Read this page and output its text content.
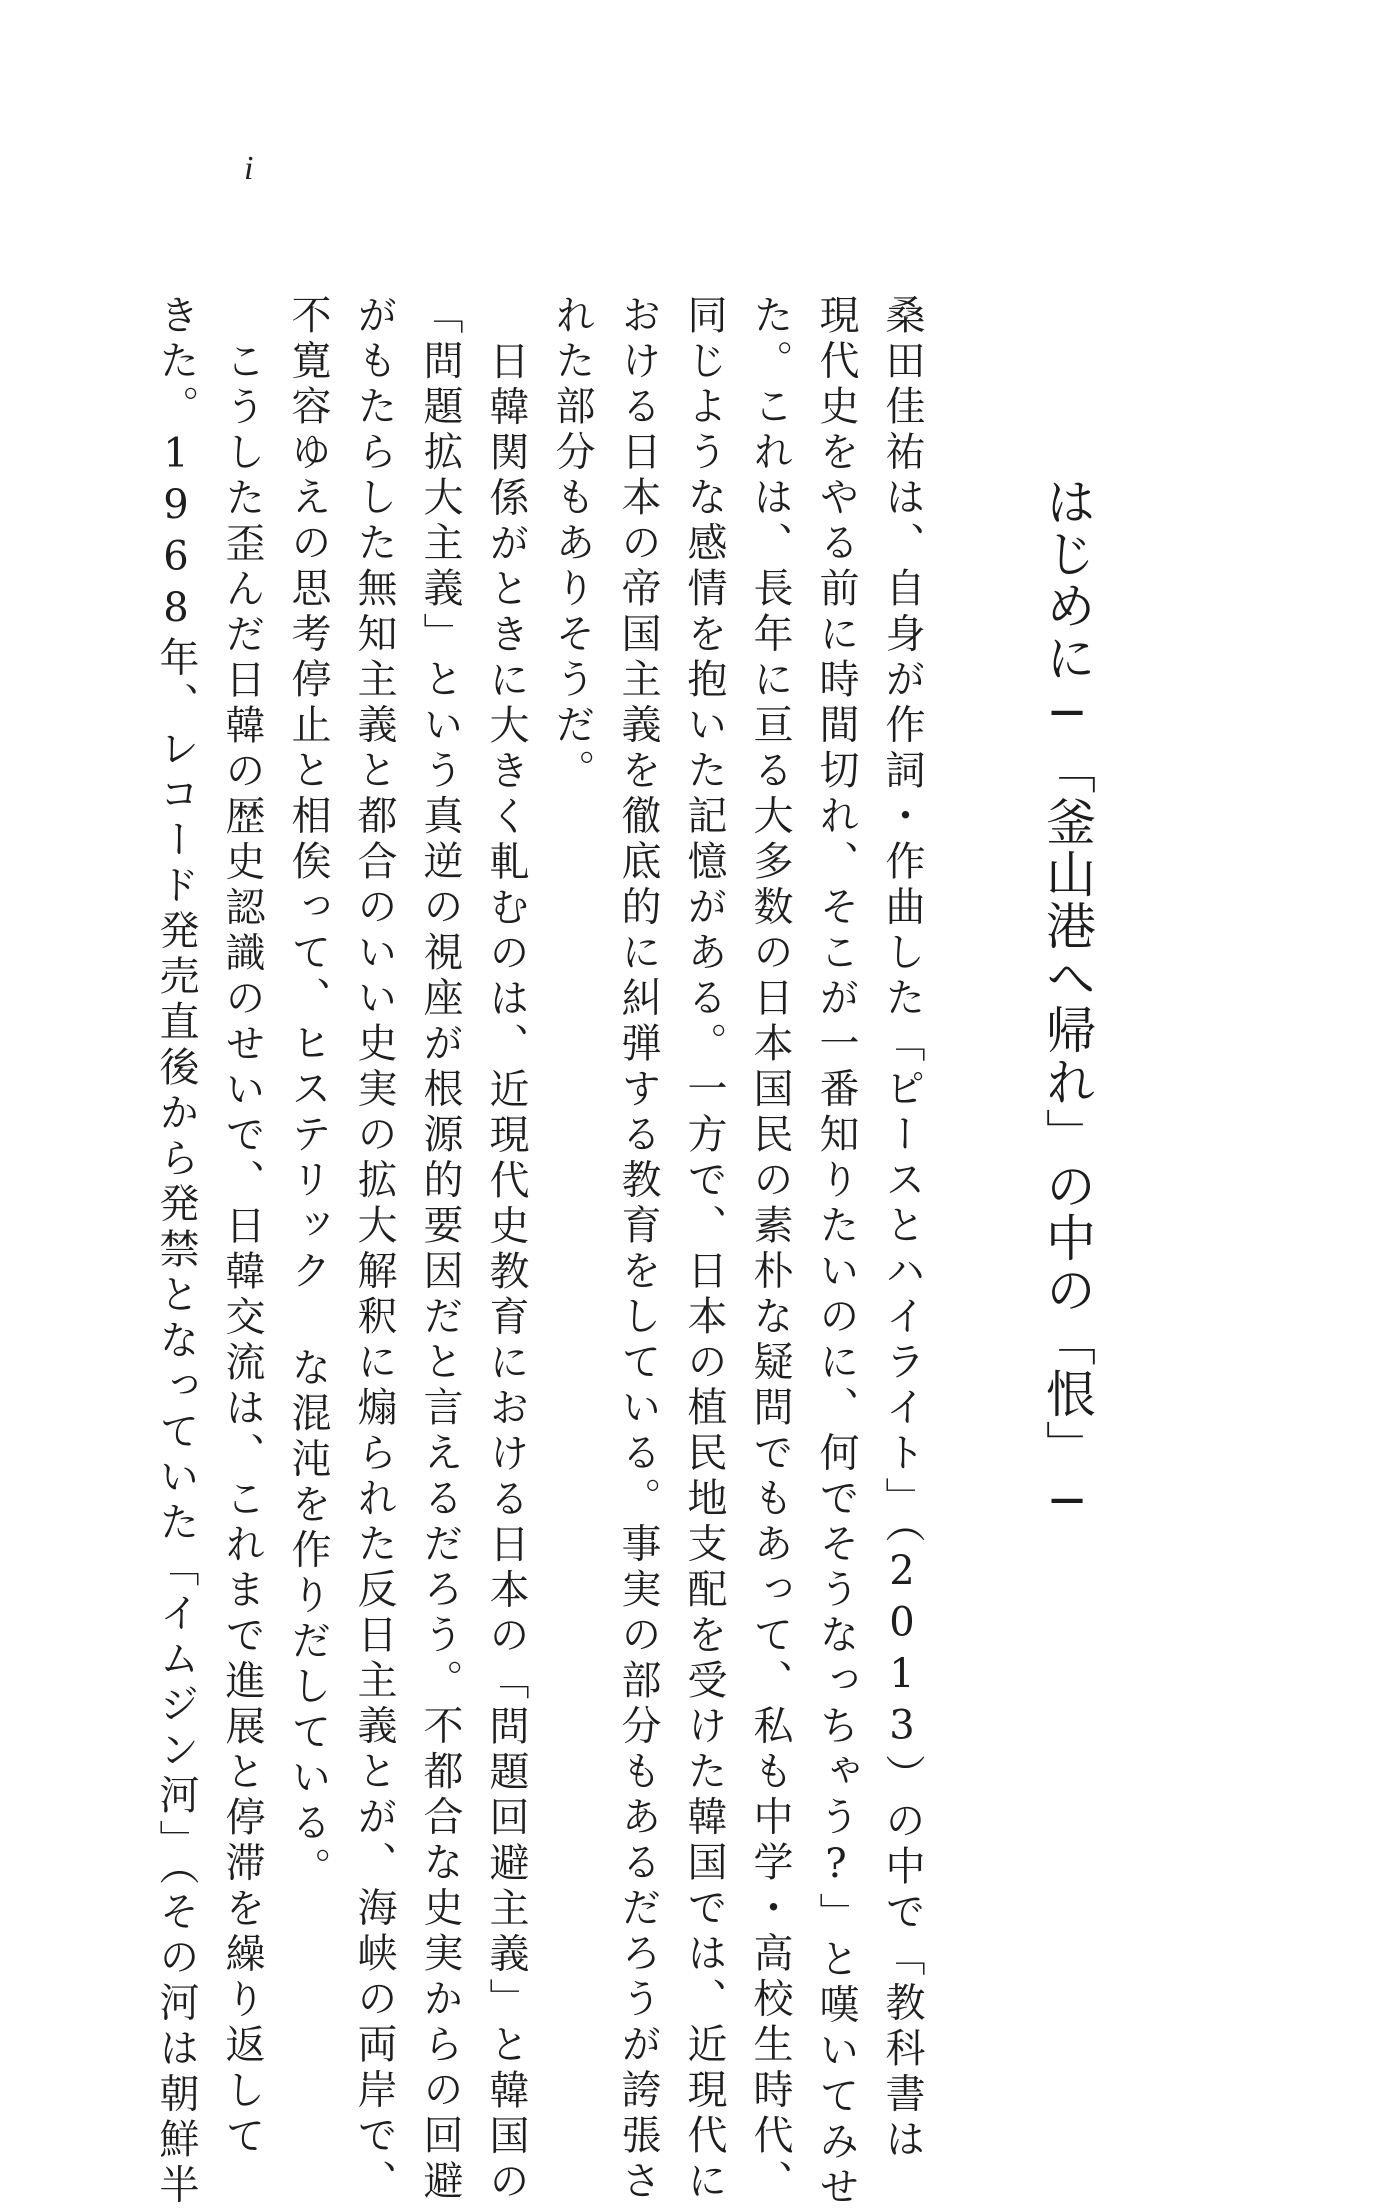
i
はじめに─「釜山港へ帰れ」の中の「恨」─
桑田佳祐は、自身が作詞・作曲した「ピースとハイライト」（2013）の中で「教科書は
現代史をやる前に時間切れ、そこが一番知りたいのに、何でそうなっちゃう?」と嘆いてみせ
た。これは、長年に亘る大多数の日本国民の素朴な疑問でもあって、私も中学・高校生時代、
同じような感情を抱いた記憶がある。一方で、日本の植民地支配を受けた韓国では、近現代に
おける日本の帝国主義を徹底的に糾弾する教育をしている。事実の部分もあるだろうが誇張さ
れた部分もありそうだ。
日韓関係がときに大きく軋むのは、近現代史教育における日本の「問題回避主義」と韓国の
「問題拡大主義」という真逆の視座が根源的要因だと言えるだろう。不都合な史実からの回避
がもたらした無知主義と都合のいい史実の拡大解釈に煽られた反日主義とが、海峡の両岸で、
不寛容ゆえの思考停止と相俟って、ヒステリック な混沌を作りだしている。
こうした歪んだ日韓の歴史認識のせいで、日韓交流は、これまで進展と停滞を繰り返して
きた。1968年、レコード発売直後から発禁となっていた「イムジン河」（その河は朝鮮半
